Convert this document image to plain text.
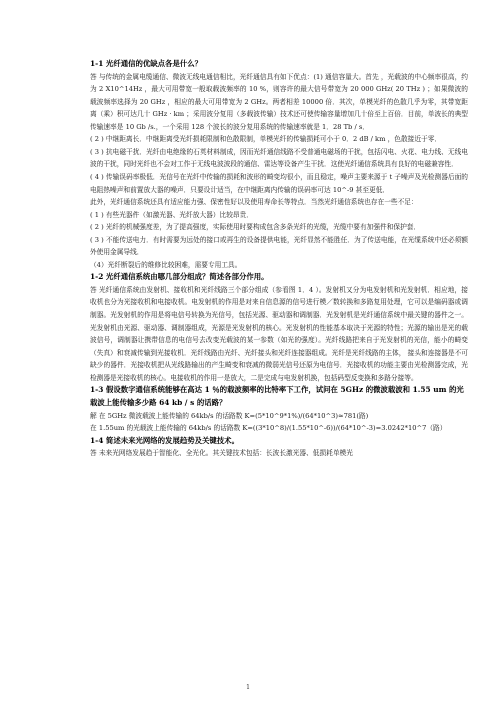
1-1 光纤通信的优缺点各是什么？

答 与传统的金属电缆通信、微波无线电通信相比，光纤通信具有如下优点：(1) 通信容量大。首先 ，光载波的中心频率很高，约为 2 X10^14Hz ，最大可用带宽一般取载波频率的 10 %，则容许的最大信号带宽为 20 000 GHz( 20 THz ) ；如果微波的载波频率选择为 20 GHz ，相应的最大可用带宽为 2 GHz。两者相差 10000 倍．其次，单模光纤的色散几乎为零，其带宽距离（乘）积可达几十 GHz · km ；采用波分复用（多载波传输）技术还可使传输容量增加几十倍至上百倍．目前，单波长的典型传输速率是 10 Gb /s.，一个采用 128 个波长的波分复用系统的传输速率就是 1．28 Tb / s．

( 2 ) 中继距离长．中继距离受光纤损耗限制和色散限制，单模光纤的传输损耗可小于 0．2 dB / km ，色散接近于零．

( 3 ) 抗电磁干扰．光纤由电绝缘的石英材料制成，因而光纤通信线路不受普通电磁场的干扰，包括闪电、火花、电力线、无线电波的干扰，同时光纤也不会对工作于无线电波波段的通信、雷达等设备产生干扰．这使光纤通信系统具有良好的电磁兼容性．

( 4 ) 传输误码率极低．光信号在光纤中传输的损耗和波形的畸变均很小，而且稳定，噪声主要来源于 t 子噪声及光检测器后面的电阻热噪声和前置放大器的噪声．只要设计适当，在中继距离内传输的误码率可达 10^-9 甚至更低．

此外，光纤通信系统还具有适应能力强、保密性好以及使用寿命长等特点．当然光纤通信系统也存在一些不足：

( 1 ) 有些光器件（如激光器、光纤放大器）比较昂贵．

( 2 ) 光纤的机械强度差，为了提高强度，实际使用时要构成包含多条光纤的光缆，光缆中要有加强件和保护套．

( 3 ) 不能传送电力．有时需要为远处的接口或再生的设备提供电能，光纤显然不能胜任．为了传送电能，在光缆系统中还必须额外使用金属导线．

（4）光纤断裂后的维修比较困难，需要专用工具。

1-2 光纤通信系统由哪几部分组成？简述各部分作用。

答 光纤通信系统由发射机、接收机和光纤线路三个部分组成（参看图 1．4 ）。发射机又分为电发射机和光发射机．相应地，接收机也分为光接收机和电接收机。电发射机的作用是对来自信息源的信号进行模／数转换和多路复用处理，它可以是编码器或调制器。光发射机的作用是将电信号转换为光信号，包括光源、驱动器和调制器．光发射机是光纤通信系统中最关键的器件之一。光发射机由光源、驱动器、调制器组成，光源是光发射机的核心。光发射机的性能基本取决于光源的特性；光源的输出是光的载波信号，调制器让携带信息的电信号去改变光载波的某一参数（如光的强度）。光纤线路把来自于光发射机的光信，能小的畸变（失真）和衰减传输到光接收机．光纤线路由光纤、光纤接头和光纤连接器组成。光纤是光纤线路的主体， 接头和连接器是不可缺少的器件．光接收机把从光线路输出的产生畸变和衰减的微弱光信号还原为电信号．光接收机的功能主要由光检测器完成，光检测器是光接收机的核心。电接收机的作用一是放大，二是完成与电发射机换，包括码型反变换和多路分接等。

1-3 假设数字通信系统能够在高达 1 ％的载波频率的比特率下工作，试问在 5GHz 的微波载波和 1.55 um 的光载波上能传输多少路 64 kb / s 的话路？

解 在 5GHz 微波载波上能传输的 64kb/s 的话路数 K=(5*10^9*1%)/(64*10^3)≈781(路)

在 1.55um 的光载波上能传输的 64kb/s 的话路数 K=((3*10^8)/(1.55*10^-6))/(64*10^-3)=3.0242*10^7（路）

1-4 简述未来光网络的发展趋势及关键技术。

答 未来光网络发展趋于智能化、全光化。其关键技术包括：长波长激光器、低损耗单模光

1
